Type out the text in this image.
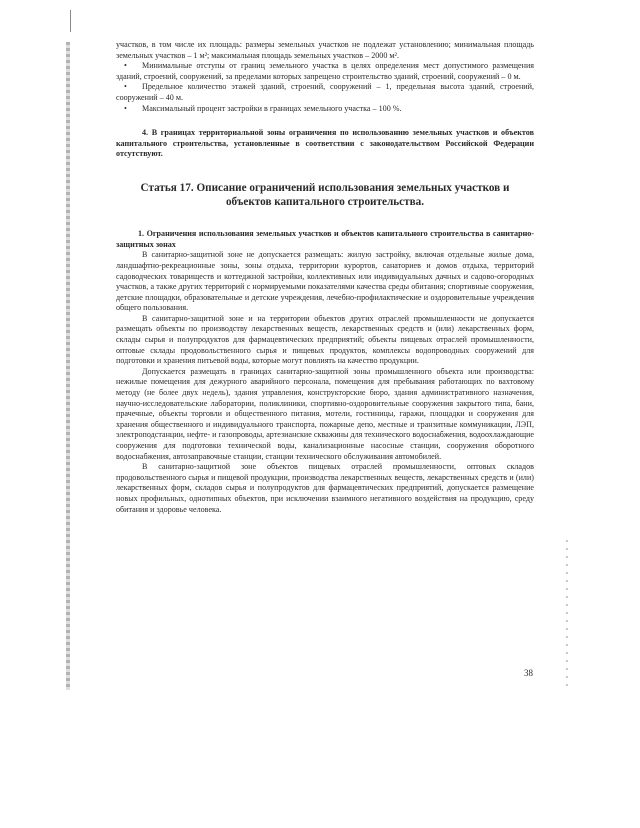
участков, в том числе их площадь: размеры земельных участков не подлежат установлению; минимальная площадь земельных участков – 1 м²; максимальная площадь земельных участков – 2000 м².

• Минимальные отступы от границ земельного участка в целях определения мест допустимого размещения зданий, строений, сооружений, за пределами которых запрещено строительство зданий, строений, сооружений – 0 м.

• Предельное количество этажей зданий, строений, сооружений – 1, предельная высота зданий, строений, сооружений – 40 м.

• Максимальный процент застройки в границах земельного участка – 100 %.

4. В границах территориальной зоны ограничения по использованию земельных участков и объектов капитального строительства, установленные в соответствии с законодательством Российской Федерации отсутствуют.

Статья 17. Описание ограничений использования земельных участков и объектов капитального строительства.

1. Ограничения использования земельных участков и объектов капитального строительства в санитарно-защитных зонах

В санитарно-защитной зоне не допускается размещать: жилую застройку, включая отдельные жилые дома, ландшафтно-рекреационные зоны, зоны отдыха, территории курортов, санаториев и домов отдыха, территорий садоводческих товариществ и коттеджной застройки, коллективных или индивидуальных дачных и садово-огородных участков, а также других территорий с нормируемыми показателями качества среды обитания; спортивные сооружения, детские площадки, образовательные и детские учреждения, лечебно-профилактические и оздоровительные учреждения общего пользования.

В санитарно-защитной зоне и на территории объектов других отраслей промышленности не допускается размещать объекты по производству лекарственных веществ, лекарственных средств и (или) лекарственных форм, склады сырья и полупродуктов для фармацевтических предприятий; объекты пищевых отраслей промышленности, оптовые склады продовольственного сырья и пищевых продуктов, комплексы водопроводных сооружений для подготовки и хранения питьевой воды, которые могут повлиять на качество продукции.

Допускается размещать в границах санитарно-защитной зоны промышленного объекта или производства: нежилые помещения для дежурного аварийного персонала, помещения для пребывания работающих по вахтовому методу (не более двух недель), здания управления, конструкторские бюро, здания административного назначения, научно-исследовательские лаборатории, поликлиники, спортивно-оздоровительные сооружения закрытого типа, бани, прачечные, объекты торговли и общественного питания, мотели, гостиницы, гаражи, площадки и сооружения для хранения общественного и индивидуального транспорта, пожарные депо, местные и транзитные коммуникации, ЛЭП, электроподстанции, нефте- и газопроводы, артезианские скважины для технического водоснабжения, водоохлаждающие сооружения для подготовки технической воды, канализационные насосные станции, сооружения оборотного водоснабжения, автозаправочные станции, станции технического обслуживания автомобилей.

В санитарно-защитной зоне объектов пищевых отраслей промышленности, оптовых складов продовольственного сырья и пищевой продукции, производства лекарственных веществ, лекарственных средств и (или) лекарственных форм, складов сырья и полупродуктов для фармацевтических предприятий, допускается размещение новых профильных, однотипных объектов, при исключении взаимного негативного воздействия на продукцию, среду обитания и здоровье человека.

38
